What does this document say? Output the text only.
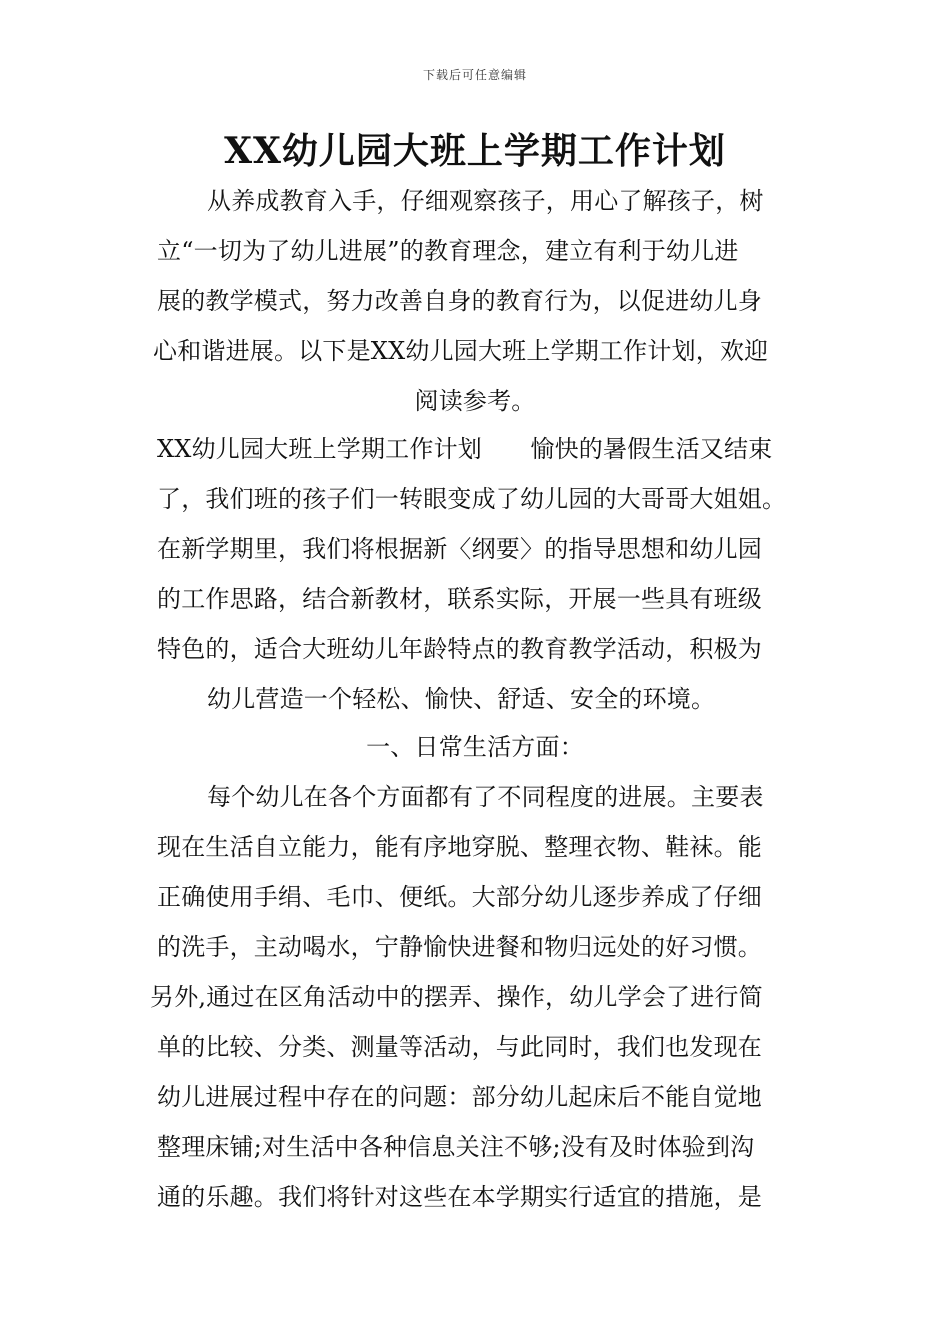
下载后可任意编辑
XX幼儿园大班上学期工作计划
从养成教育入手，仔细观察孩子，用心了解孩子，树
立“一切为了幼儿进展”的教育理念，建立有利于幼儿进
展的教学模式，努力改善自身的教育行为，以促进幼儿身
心和谐进展。以下是XX幼儿园大班上学期工作计划，欢迎
阅读参考。
XX幼儿园大班上学期工作计划　　愉快的暑假生活又结束
了，我们班的孩子们一转眼变成了幼儿园的大哥哥大姐姐。
在新学期里，我们将根据新〈纲要〉的指导思想和幼儿园
的工作思路，结合新教材，联系实际，开展一些具有班级
特色的，适合大班幼儿年龄特点的教育教学活动，积极为
幼儿营造一个轻松、愉快、舒适、安全的环境。
一、日常生活方面：
每个幼儿在各个方面都有了不同程度的进展。主要表
现在生活自立能力，能有序地穿脱、整理衣物、鞋袜。能
正确使用手绢、毛巾、便纸。大部分幼儿逐步养成了仔细
的洗手，主动喝水，宁静愉快进餐和物归远处的好习惯。
另外,通过在区角活动中的摆弄、操作，幼儿学会了进行简
单的比较、分类、测量等活动，与此同时，我们也发现在
幼儿进展过程中存在的问题：部分幼儿起床后不能自觉地
整理床铺;对生活中各种信息关注不够;没有及时体验到沟
通的乐趣。我们将针对这些在本学期实行适宜的措施，是
